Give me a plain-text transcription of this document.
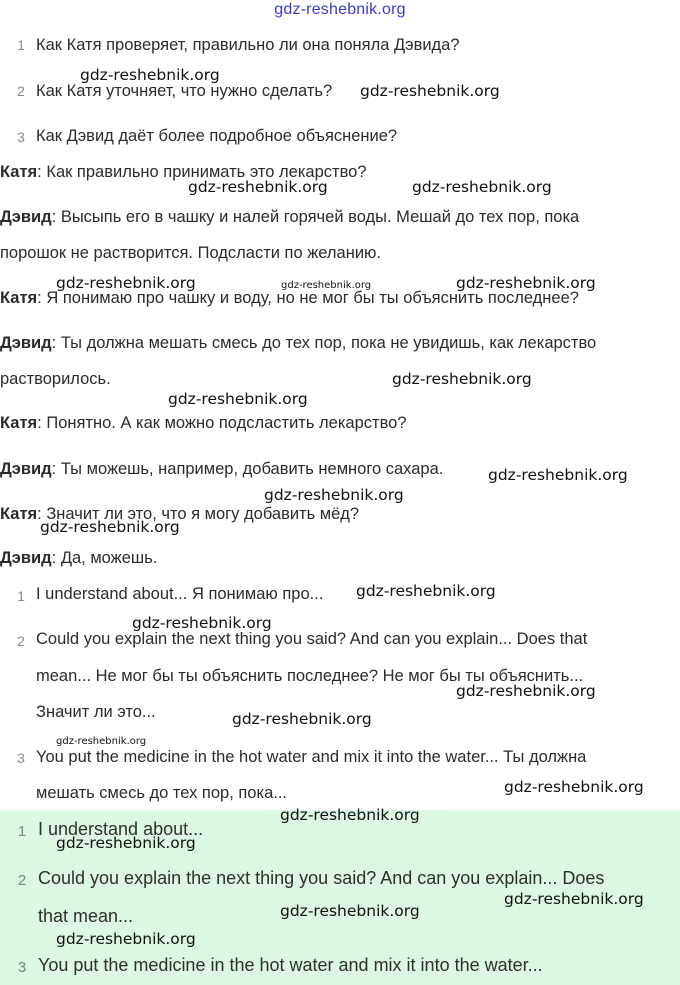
gdz-reshebnik.org
1 Как Катя проверяет, правильно ли она поняла Дэвида?
2 Как Катя уточняет, что нужно сделать?
3 Как Дэвид даёт более подробное объяснение?
Катя: Как правильно принимать это лекарство?
Дэвид: Высыпь его в чашку и налей горячей воды. Мешай до тех пор, пока
порошок не растворится. Подсласти по желанию.
Катя: Я понимаю про чашку и воду, но не мог бы ты объяснить последнее?
Дэвид: Ты должна мешать смесь до тех пор, пока не увидишь, как лекарство
растворилось.
Катя: Понятно. А как можно подсластить лекарство?
Дэвид: Ты можешь, например, добавить немного сахара.
Катя: Значит ли это, что я могу добавить мёд?
Дэвид: Да, можешь.
1 I understand about... Я понимаю про...
2 Could you explain the next thing you said? And can you explain... Does that
mean... Не мог бы ты объяснить последнее? Не мог бы ты объяснить...
Значит ли это...
3 You put the medicine in the hot water and mix it into the water... Ты должна
мешать смесь до тех пор, пока...
1 I understand about...
2 Could you explain the next thing you said? And can you explain... Does
that mean...
3 You put the medicine in the hot water and mix it into the water...
gdz-reshebnik.org
gdz-reshebnik.org
gdz-reshebnik.org	gdz-reshebnik.org
gdz-reshebnik.org	gdz-reshebnik.org	gdz-reshebnik.org
gdz-reshebnik.org
gdz-reshebnik.org
gdz-reshebnik.org
gdz-reshebnik.org
gdz-reshebnik.org
gdz-reshebnik.org
gdz-reshebnik.org
gdz-reshebnik.org
gdz-reshebnik.org
gdz-reshebnik.org
gdz-reshebnik.org
gdz-reshebnik.org
gdz-reshebnik.org
gdz-reshebnik.org
gdz-reshebnik.org
gdz-reshebnik.org
